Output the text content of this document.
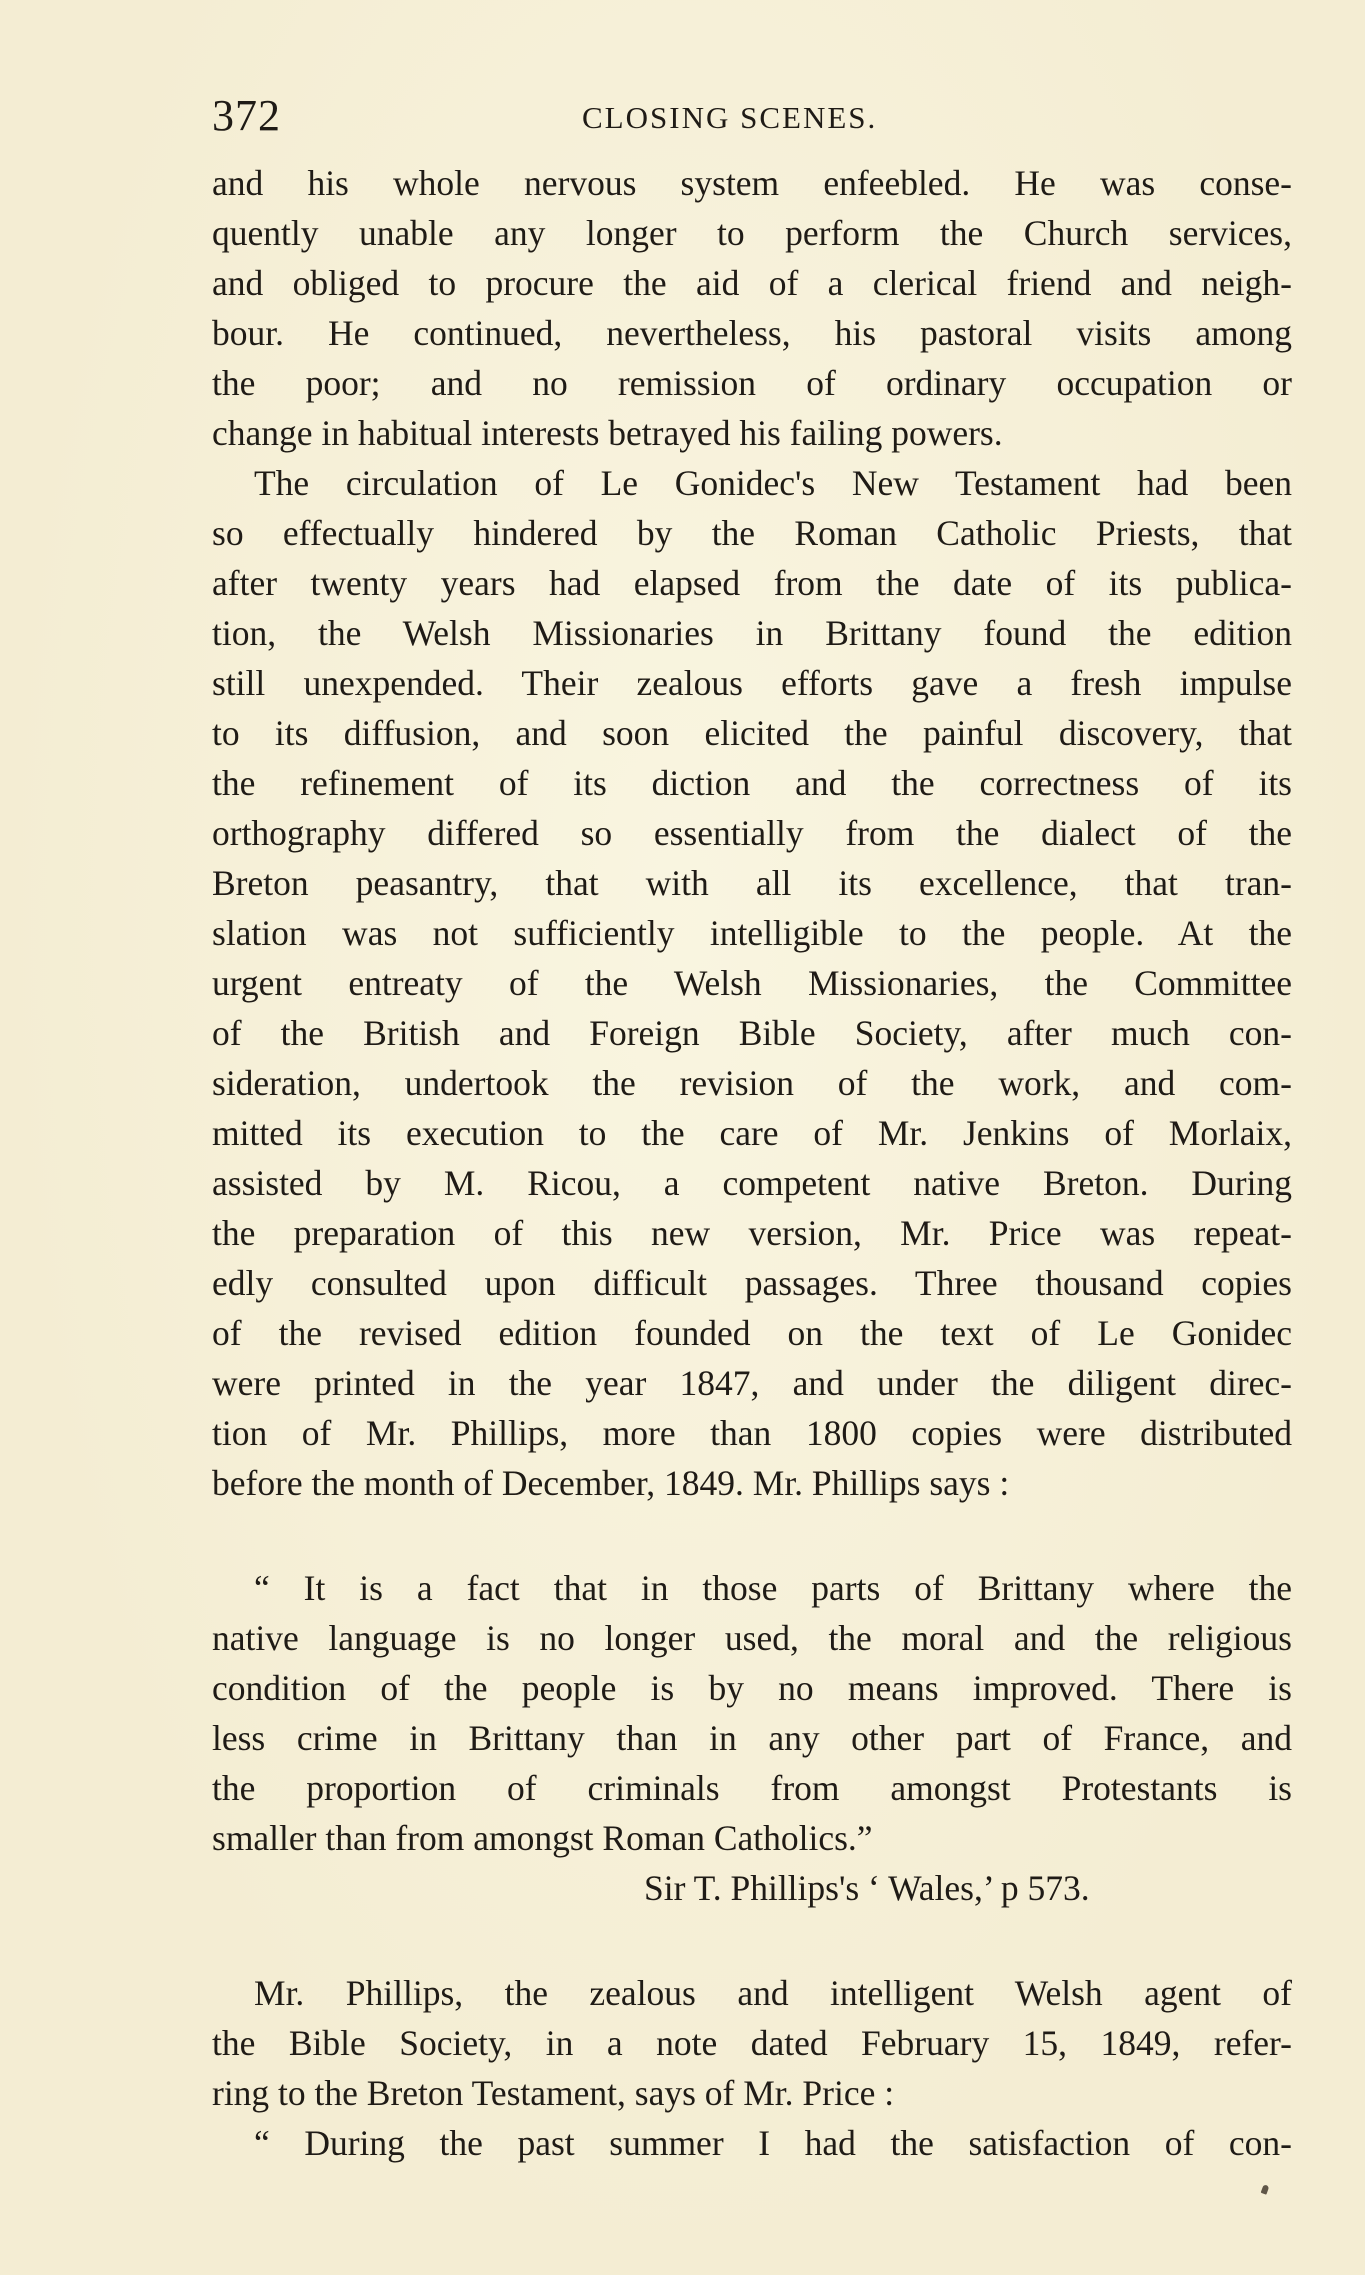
372	CLOSING SCENES.
and his whole nervous system enfeebled. He was conse-
quently unable any longer to perform the Church services,
and obliged to procure the aid of a clerical friend and neigh-
bour. He continued, nevertheless, his pastoral visits among
the poor; and no remission of ordinary occupation or
change in habitual interests betrayed his failing powers.
The circulation of Le Gonidec's New Testament had been
so effectually hindered by the Roman Catholic Priests, that
after twenty years had elapsed from the date of its publica-
tion, the Welsh Missionaries in Brittany found the edition
still unexpended. Their zealous efforts gave a fresh impulse
to its diffusion, and soon elicited the painful discovery, that
the refinement of its diction and the correctness of its
orthography differed so essentially from the dialect of the
Breton peasantry, that with all its excellence, that tran-
slation was not sufficiently intelligible to the people. At the
urgent entreaty of the Welsh Missionaries, the Committee
of the British and Foreign Bible Society, after much con-
sideration, undertook the revision of the work, and com-
mitted its execution to the care of Mr. Jenkins of Morlaix,
assisted by M. Ricou, a competent native Breton. During
the preparation of this new version, Mr. Price was repeat-
edly consulted upon difficult passages. Three thousand copies
of the revised edition founded on the text of Le Gonidec
were printed in the year 1847, and under the diligent direc-
tion of Mr. Phillips, more than 1800 copies were distributed
before the month of December, 1849. Mr. Phillips says :
“ It is a fact that in those parts of Brittany where the
native language is no longer used, the moral and the religious
condition of the people is by no means improved. There is
less crime in Brittany than in any other part of France, and
the proportion of criminals from amongst Protestants is
smaller than from amongst Roman Catholics.”
Sir T. Phillips's ‘ Wales,’ p 573.
Mr. Phillips, the zealous and intelligent Welsh agent of
the Bible Society, in a note dated February 15, 1849, refer-
ring to the Breton Testament, says of Mr. Price :
“ During the past summer I had the satisfaction of con-
